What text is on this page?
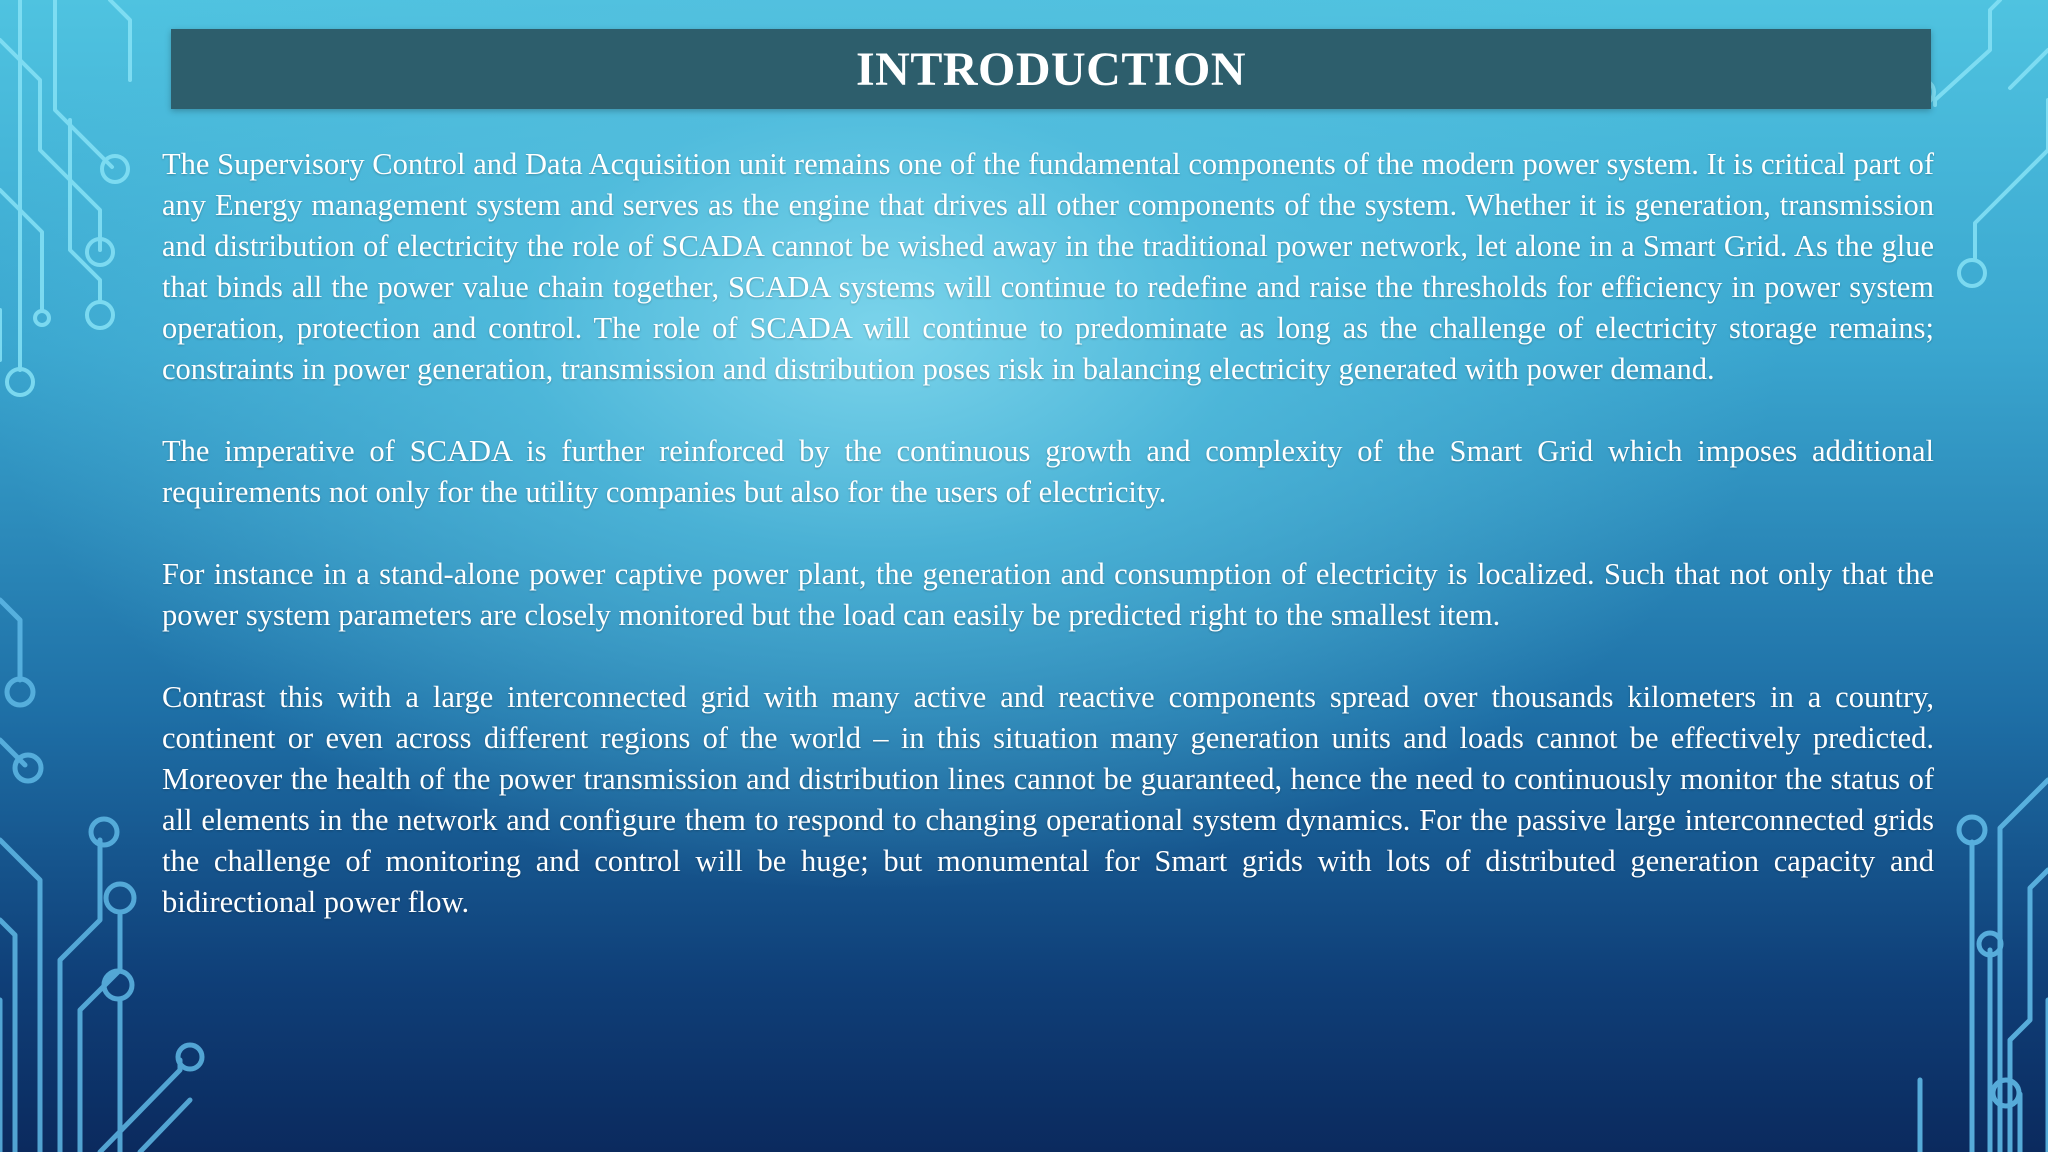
INTRODUCTION

The Supervisory Control and Data Acquisition unit remains one of the fundamental components of the modern power system. It is critical part of any Energy management system and serves as the engine that drives all other components of the system. Whether it is generation, transmission and distribution of electricity the role of SCADA cannot be wished away in the traditional power network, let alone in a Smart Grid. As the glue that binds all the power value chain together, SCADA systems will continue to redefine and raise the thresholds for efficiency in power system operation, protection and control. The role of SCADA will continue to predominate as long as the challenge of electricity storage remains; constraints in power generation, transmission and distribution poses risk in balancing electricity generated with power demand.

The imperative of SCADA is further reinforced by the continuous growth and complexity of the Smart Grid which imposes additional requirements not only for the utility companies but also for the users of electricity.

For instance in a stand-alone power captive power plant, the generation and consumption of electricity is localized. Such that not only that the power system parameters are closely monitored but the load can easily be predicted right to the smallest item.

Contrast this with a large interconnected grid with many active and reactive components spread over thousands kilometers in a country, continent or even across different regions of the world – in this situation many generation units and loads cannot be effectively predicted. Moreover the health of the power transmission and distribution lines cannot be guaranteed, hence the need to continuously monitor the status of all elements in the network and configure them to respond to changing operational system dynamics. For the passive large interconnected grids the challenge of monitoring and control will be huge; but monumental for Smart grids with lots of distributed generation capacity and bidirectional power flow.
